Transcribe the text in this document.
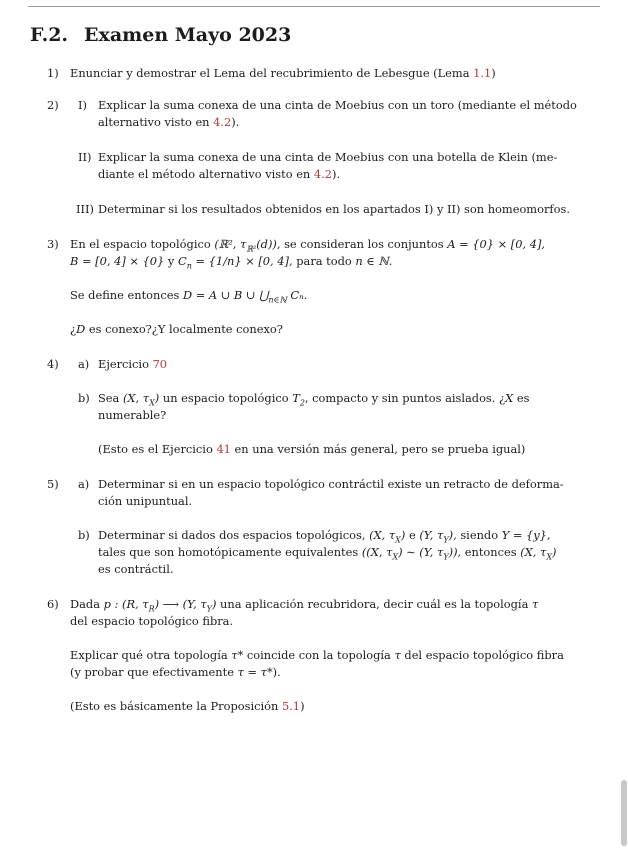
F.2. Examen Mayo 2023
1) Enunciar y demostrar el Lema del recubrimiento de Lebesgue (Lema 1.1)
2) I) Explicar la suma conexa de una cinta de Moebius con un toro (mediante el método
alternativo visto en 4.2).
II) Explicar la suma conexa de una cinta de Moebius con una botella de Klein (me-
diante el método alternativo visto en 4.2).
III) Determinar si los resultados obtenidos en los apartados I) y II) son homeomorfos.
3) En el espacio topológico (ℝ², $\tau_{ℝ^2}(d)$), se consideran los conjuntos A = {0} × [0, 4],
B = [0, 4] × {0} y $C_n = \{1/n\} \times [0$, 4], para todo n ∈ ℕ.
Se define entonces D = A ∪ B ∪ $⋃_{n\in ℕ}$ Cₙ.
¿D es conexo?¿Y localmente conexo?
4) a) Ejercicio 70
b) Sea (X, $\tau_X$) un espacio topológico $T_2$, compacto y sin puntos aislados. ¿X es
numerable?
(Esto es el Ejercicio 41 en una versión más general, pero se prueba igual)
5) a) Determinar si en un espacio topológico contráctil existe un retracto de deforma-
ción unipuntual.
b) Determinar si dados dos espacios topológicos, (X, $\tau_X$) e (Y, $\tau_Y$), siendo Y = {y},
tales que son homotópicamente equivalentes ((X, $\tau_X$) ∼ (Y, $\tau_Y$)), entonces (X, $\tau_X$)
es contráctil.
6) Dada p : (R, $\tau_R$) ⟶ (Y, $\tau_Y$) una aplicación recubridora, decir cuál es la topología τ
del espacio topológico fibra.
Explicar qué otra topología τ* coincide con la topología τ del espacio topológico fibra
(y probar que efectivamente τ = τ*).
(Esto es básicamente la Proposición 5.1)
